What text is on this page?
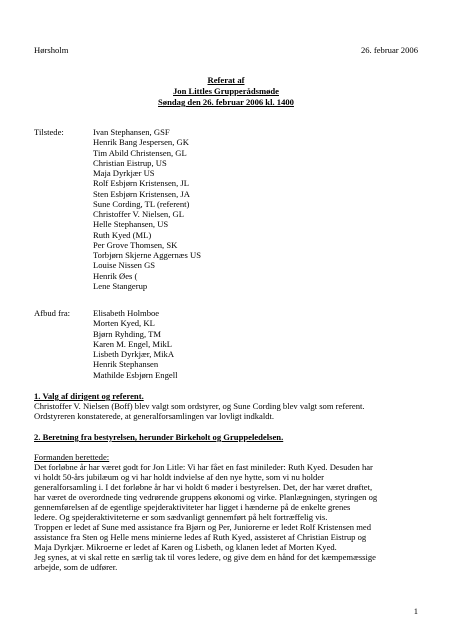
Hørsholm	26. februar 2006
Referat af
Jon Littles Grupperådsmøde
Søndag den 26. februar 2006 kl. 1400
Tilstede:	Ivan Stephansen, GSF
Henrik Bang Jespersen, GK
Tim Abild Christensen, GL
Christian Eistrup, US
Maja Dyrkjær US
Rolf Esbjørn Kristensen, JL
Sten Esbjørn Kristensen, JA
Sune Cording, TL (referent)
Christoffer V. Nielsen, GL
Helle Stephansen, US
Ruth Kyed (ML)
Per Grove Thomsen, SK
Torbjørn Skjerne Aggernæs US
Louise Nissen GS
Henrik Øes (
Lene Stangerup
Afbud fra:	Elisabeth Holmboe
Morten Kyed, KL
Bjørn Ryhding, TM
Karen M. Engel, MikL
Lisbeth Dyrkjær, MikA
Henrik Stephansen
Mathilde Esbjørn Engell
1. Valg af dirigent og referent.
Christoffer V. Nielsen (Boff) blev valgt som ordstyrer, og Sune Cording blev valgt som referent.
Ordstyreren konstaterede, at generalforsamlingen var lovligt indkaldt.
2. Beretning fra bestyrelsen, herunder Birkeholt og Gruppeledelsen.
Formanden berettede:
Det forløbne år har været godt for Jon Litle: Vi har fået en fast minileder: Ruth Kyed. Desuden har
vi holdt 50-års jubilæum og vi har holdt indvielse af den nye hytte, som vi nu holder
generalforsamling i. I det forløbne år har vi holdt 6 møder i bestyrelsen. Det, der har været drøftet,
har været de overordnede ting vedrørende gruppens økonomi og virke. Planlægningen, styringen og
gennemførelsen af de egentlige spejderaktiviteter har ligget i hænderne på de enkelte grenes
ledere. Og spejderaktiviteterne er som sædvanligt gennemført på helt fortræffelig vis.
Troppen er ledet af Sune med assistance fra Bjørn og Per, Juniorerne er ledet Rolf Kristensen med
assistance fra Sten og Helle mens minierne ledes af Ruth Kyed, assisteret af Christian Eistrup og
Maja Dyrkjær. Mikroerne er ledet af Karen og Lisbeth, og klanen ledet af Morten Kyed.
Jeg synes, at vi skal rette en særlig tak til vores ledere, og give dem en hånd for det kæmpemæssige
arbejde, som de udfører.
1
